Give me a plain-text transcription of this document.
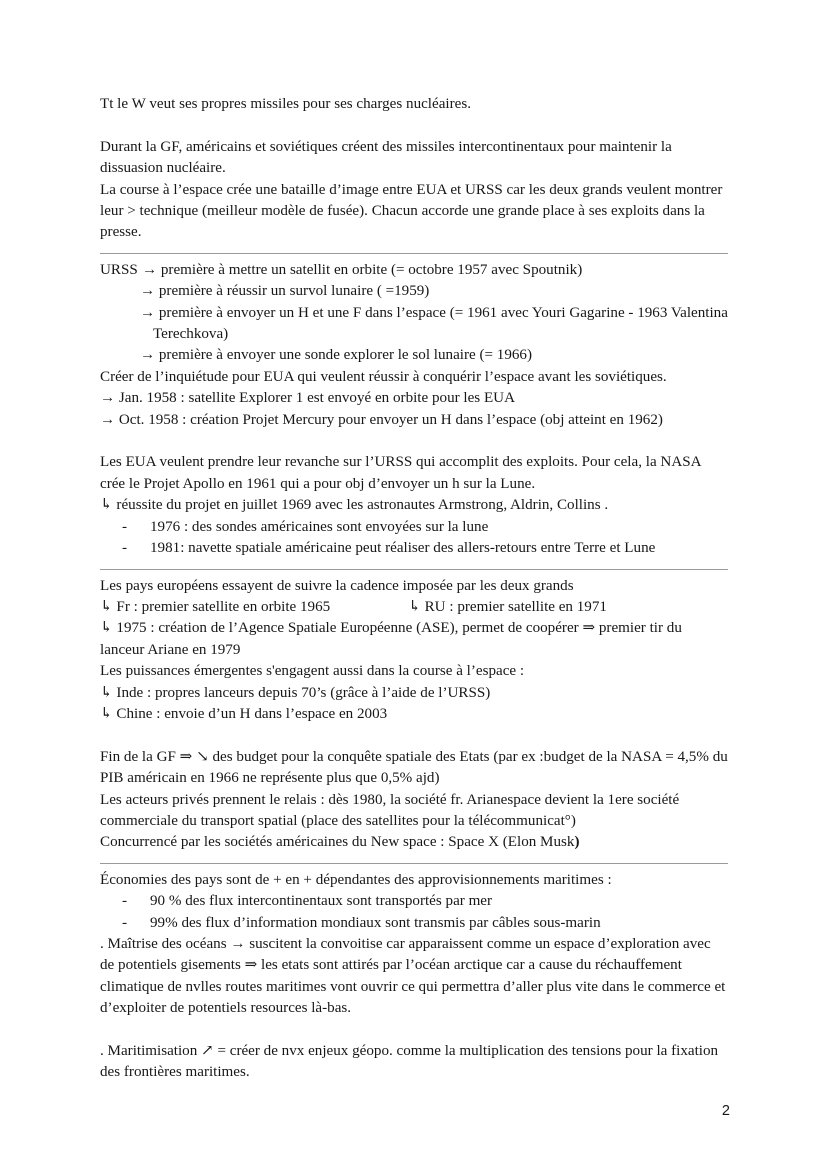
Tt le W veut ses propres missiles pour ses charges nucléaires.

Durant la GF, américains et soviétiques créent des missiles intercontinentaux pour maintenir la dissuasion nucléaire.

La course à l’espace crée une bataille d’image entre EUA et URSS car les deux grands veulent montrer leur > technique (meilleur modèle de fusée). Chacun accorde une grande place à ses exploits dans la presse.

URSS → première à mettre un satellit en orbite (= octobre 1957 avec Spoutnik)
→ première à réussir un survol lunaire ( =1959)
→ première à envoyer un H et une F dans l’espace (= 1961 avec Youri Gagarine - 1963 Valentina Terechkova)
→ première à envoyer une sonde explorer le sol lunaire (= 1966)

Créer de l’inquiétude pour EUA qui veulent réussir à conquérir l’espace avant les soviétiques.

→ Jan. 1958 : satellite Explorer 1 est envoyé en orbite pour les EUA

→ Oct. 1958 : création Projet Mercury pour envoyer un H dans l’espace (obj atteint en 1962)

Les EUA veulent prendre leur revanche sur l’URSS qui accomplit des exploits. Pour cela, la NASA crée le Projet Apollo en 1961 qui a pour obj d’envoyer un h sur la Lune.

↳ réussite du projet en juillet 1969 avec les astronautes Armstrong, Aldrin, Collins .

- 1976 : des sondes américaines sont envoyées sur la lune
- 1981: navette spatiale américaine peut réaliser des allers-retours entre Terre et Lune

Les pays européens essayent de suivre la cadence imposée par les deux grands

↳ Fr : premier satellite en orbite 1965	↳ RU : premier satellite en 1971

↳ 1975 : création de l’Agence Spatiale Européenne (ASE), permet de coopérer ⇒ premier tir du lanceur Ariane en 1979

Les puissances émergentes s'engagent aussi dans la course à l’espace :

↳ Inde : propres lanceurs depuis 70’s (grâce à l’aide de l’URSS)

↳ Chine : envoie d’un H dans l’espace en 2003

Fin de la GF ⇒ ↘ des budget pour la conquête spatiale des Etats (par ex :budget de la NASA = 4,5% du PIB américain en 1966 ne représente plus que 0,5% ajd)

Les acteurs privés prennent le relais : dès 1980, la société fr. Arianespace devient la 1ere société commerciale du transport spatial (place des satellites pour la télécommunicat°)

Concurrencé par les sociétés américaines du New space : Space X (Elon Musk)

Économies des pays sont de + en + dépendantes des approvisionnements maritimes :

- 90 % des flux intercontinentaux sont transportés par mer
- 99% des flux d’information mondiaux sont transmis par câbles sous-marin

. Maîtrise des océans → suscitent la convoitise car apparaissent comme un espace d’exploration avec de potentiels gisements ⇒ les etats sont attirés par l’océan arctique car a cause du réchauffement climatique de nvlles routes maritimes vont ouvrir ce qui permettra d’aller plus vite dans le commerce et d’exploiter de potentiels resources là-bas.

. Maritimisation ↗ = créer de nvx enjeux géopo. comme la multiplication des tensions pour la fixation des frontières maritimes.

2
